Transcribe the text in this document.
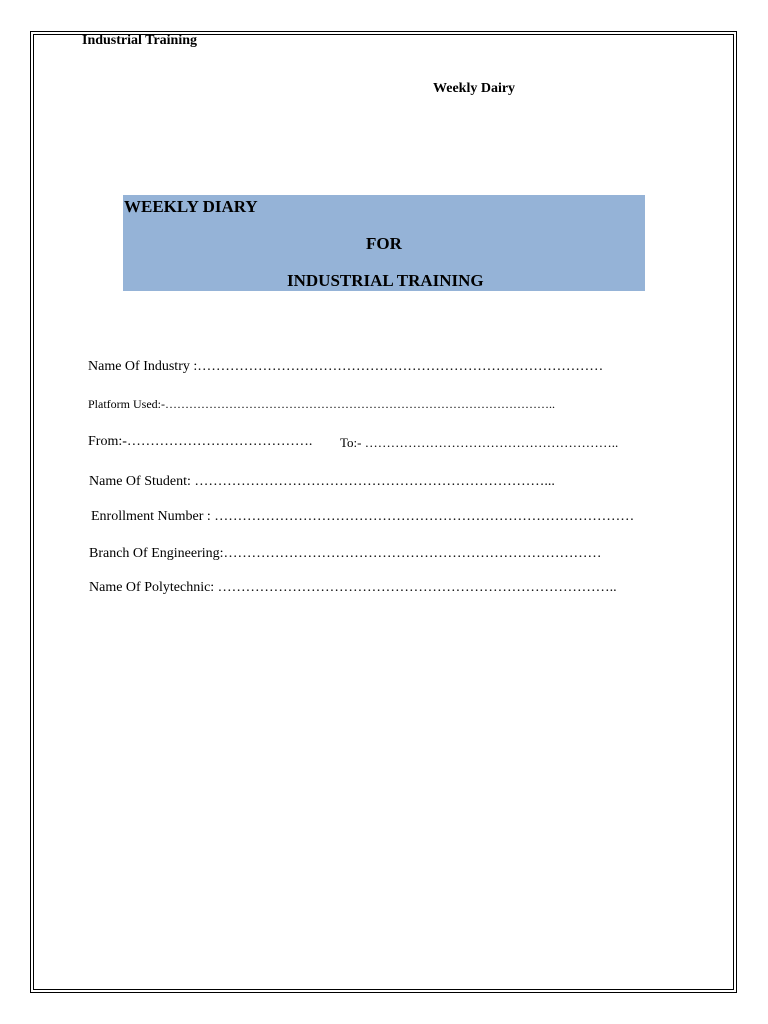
Industrial Training
Weekly Dairy
WEEKLY DIARY
FOR
INDUSTRIAL TRAINING
Name Of Industry :……………………………………………………………………………
Platform Used:-……………………………………………………………………………………..
From:-………………………………….	To:- …………………………………………………..
Name Of Student: …………………………………………………………………...
Enrollment Number : ………………………………………………………………………………
Branch Of Engineering:………………………………………………………………………
Name Of Polytechnic: …………………………………………………………………………..
